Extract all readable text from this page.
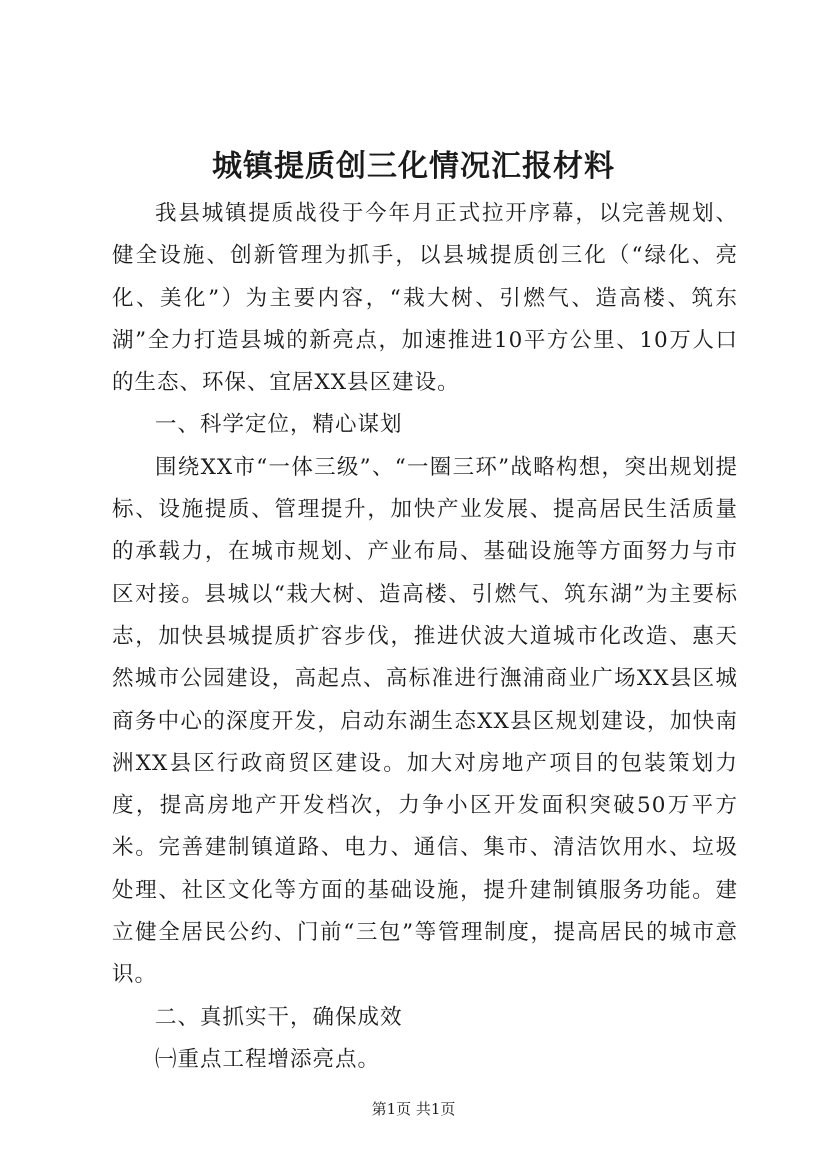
城镇提质创三化情况汇报材料

我县城镇提质战役于今年月正式拉开序幕，以完善规划、健全设施、创新管理为抓手，以县城提质创三化（“绿化、亮化、美化”）为主要内容，“栽大树、引燃气、造高楼、筑东湖”全力打造县城的新亮点，加速推进10平方公里、10万人口的生态、环保、宜居XX县区建设。

一、科学定位，精心谋划

围绕XX市“一体三级”、“一圈三环”战略构想，突出规划提标、设施提质、管理提升，加快产业发展、提高居民生活质量的承载力，在城市规划、产业布局、基础设施等方面努力与市区对接。县城以“栽大树、造高楼、引燃气、筑东湖”为主要标志，加快县城提质扩容步伐，推进伏波大道城市化改造、惠天然城市公园建设，高起点、高标准进行潕浦商业广场XX县区城商务中心的深度开发，启动东湖生态XX县区规划建设，加快南洲XX县区行政商贸区建设。加大对房地产项目的包装策划力度，提高房地产开发档次，力争小区开发面积突破50万平方米。完善建制镇道路、电力、通信、集市、清洁饮用水、垃圾处理、社区文化等方面的基础设施，提升建制镇服务功能。建立健全居民公约、门前“三包”等管理制度，提高居民的城市意识。

二、真抓实干，确保成效

㈠重点工程增添亮点。

第1页 共1页
